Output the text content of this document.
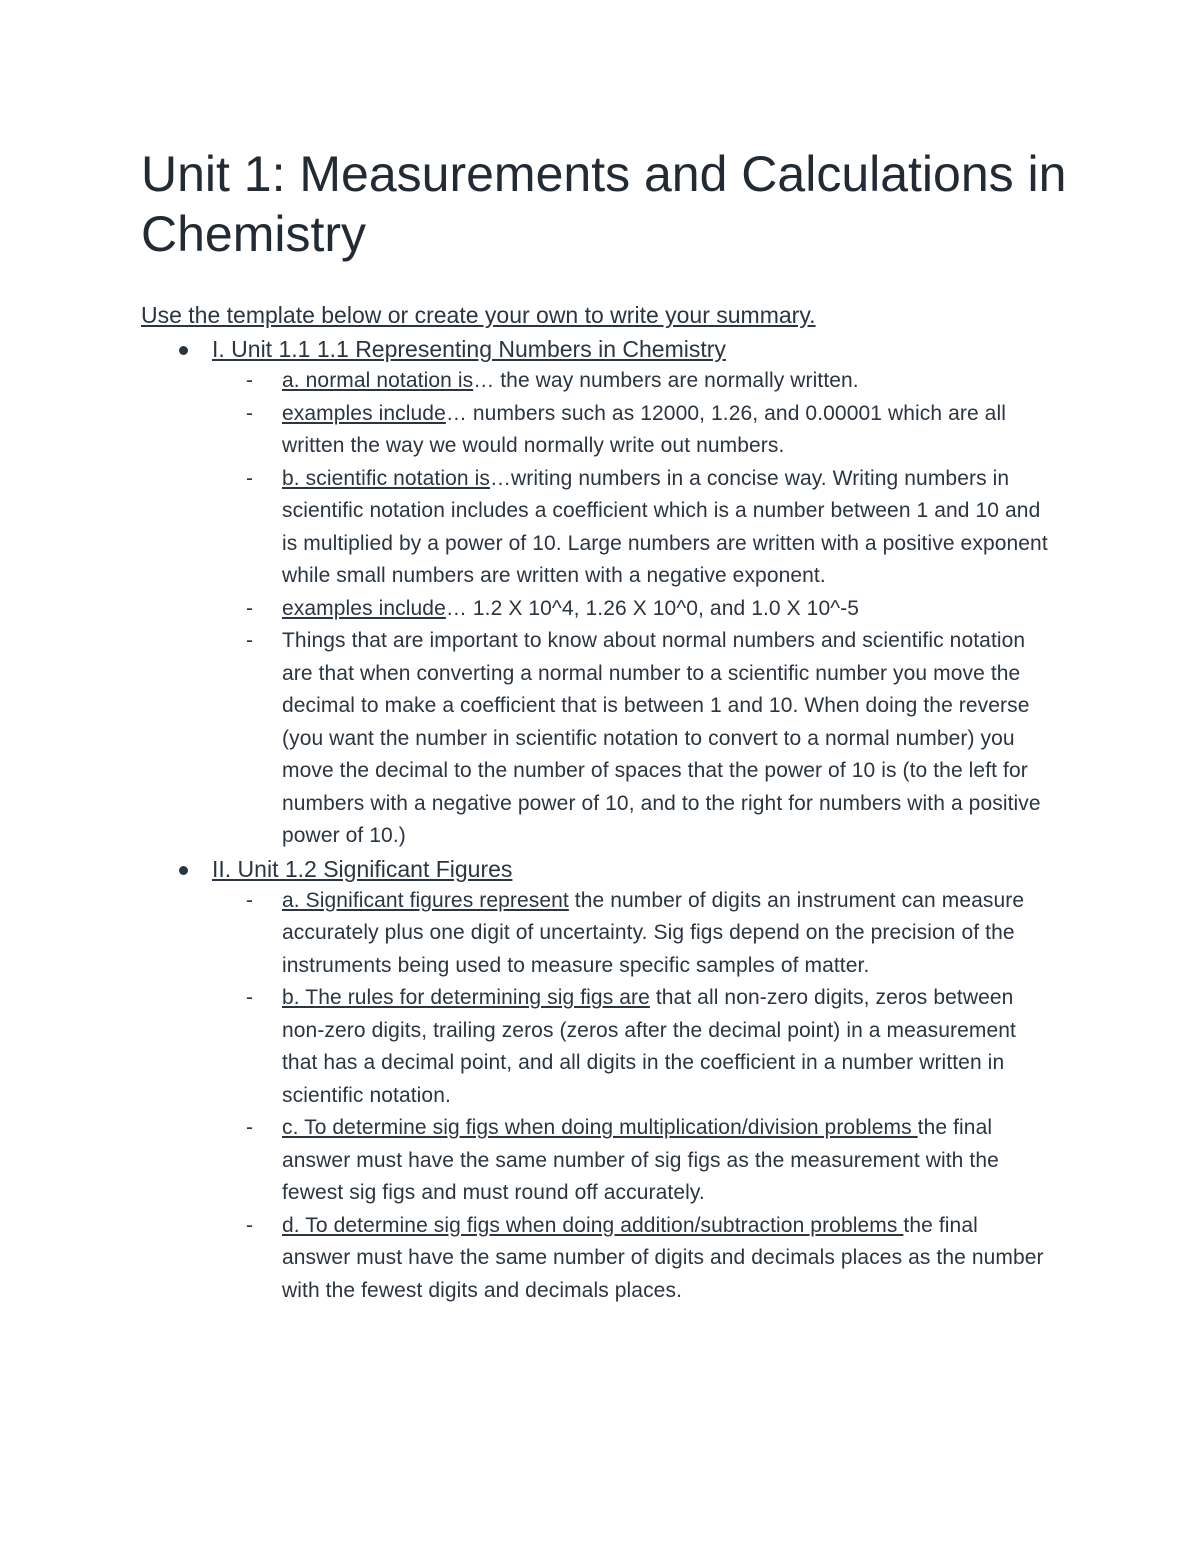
Unit 1: Measurements and Calculations in Chemistry
Use the template below or create your own to write your summary.
I. Unit 1.1 1.1 Representing Numbers in Chemistry
- a. normal notation is… the way numbers are normally written.
- examples include… numbers such as 12000, 1.26, and 0.00001 which are all written the way we would normally write out numbers.
- b. scientific notation is…writing numbers in a concise way. Writing numbers in scientific notation includes a coefficient which is a number between 1 and 10 and is multiplied by a power of 10. Large numbers are written with a positive exponent while small numbers are written with a negative exponent.
- examples include… 1.2 X 10^4, 1.26 X 10^0, and 1.0 X 10^-5
- Things that are important to know about normal numbers and scientific notation are that when converting a normal number to a scientific number you move the decimal to make a coefficient that is between 1 and 10. When doing the reverse (you want the number in scientific notation to convert to a normal number) you move the decimal to the number of spaces that the power of 10 is (to the left for numbers with a negative power of 10, and to the right for numbers with a positive power of 10.)
II. Unit 1.2 Significant Figures
- a. Significant figures represent the number of digits an instrument can measure accurately plus one digit of uncertainty. Sig figs depend on the precision of the instruments being used to measure specific samples of matter.
- b. The rules for determining sig figs are that all non-zero digits, zeros between non-zero digits, trailing zeros (zeros after the decimal point) in a measurement that has a decimal point, and all digits in the coefficient in a number written in scientific notation.
- c. To determine sig figs when doing multiplication/division problems the final answer must have the same number of sig figs as the measurement with the fewest sig figs and must round off accurately.
- d. To determine sig figs when doing addition/subtraction problems the final answer must have the same number of digits and decimals places as the number with the fewest digits and decimals places.
